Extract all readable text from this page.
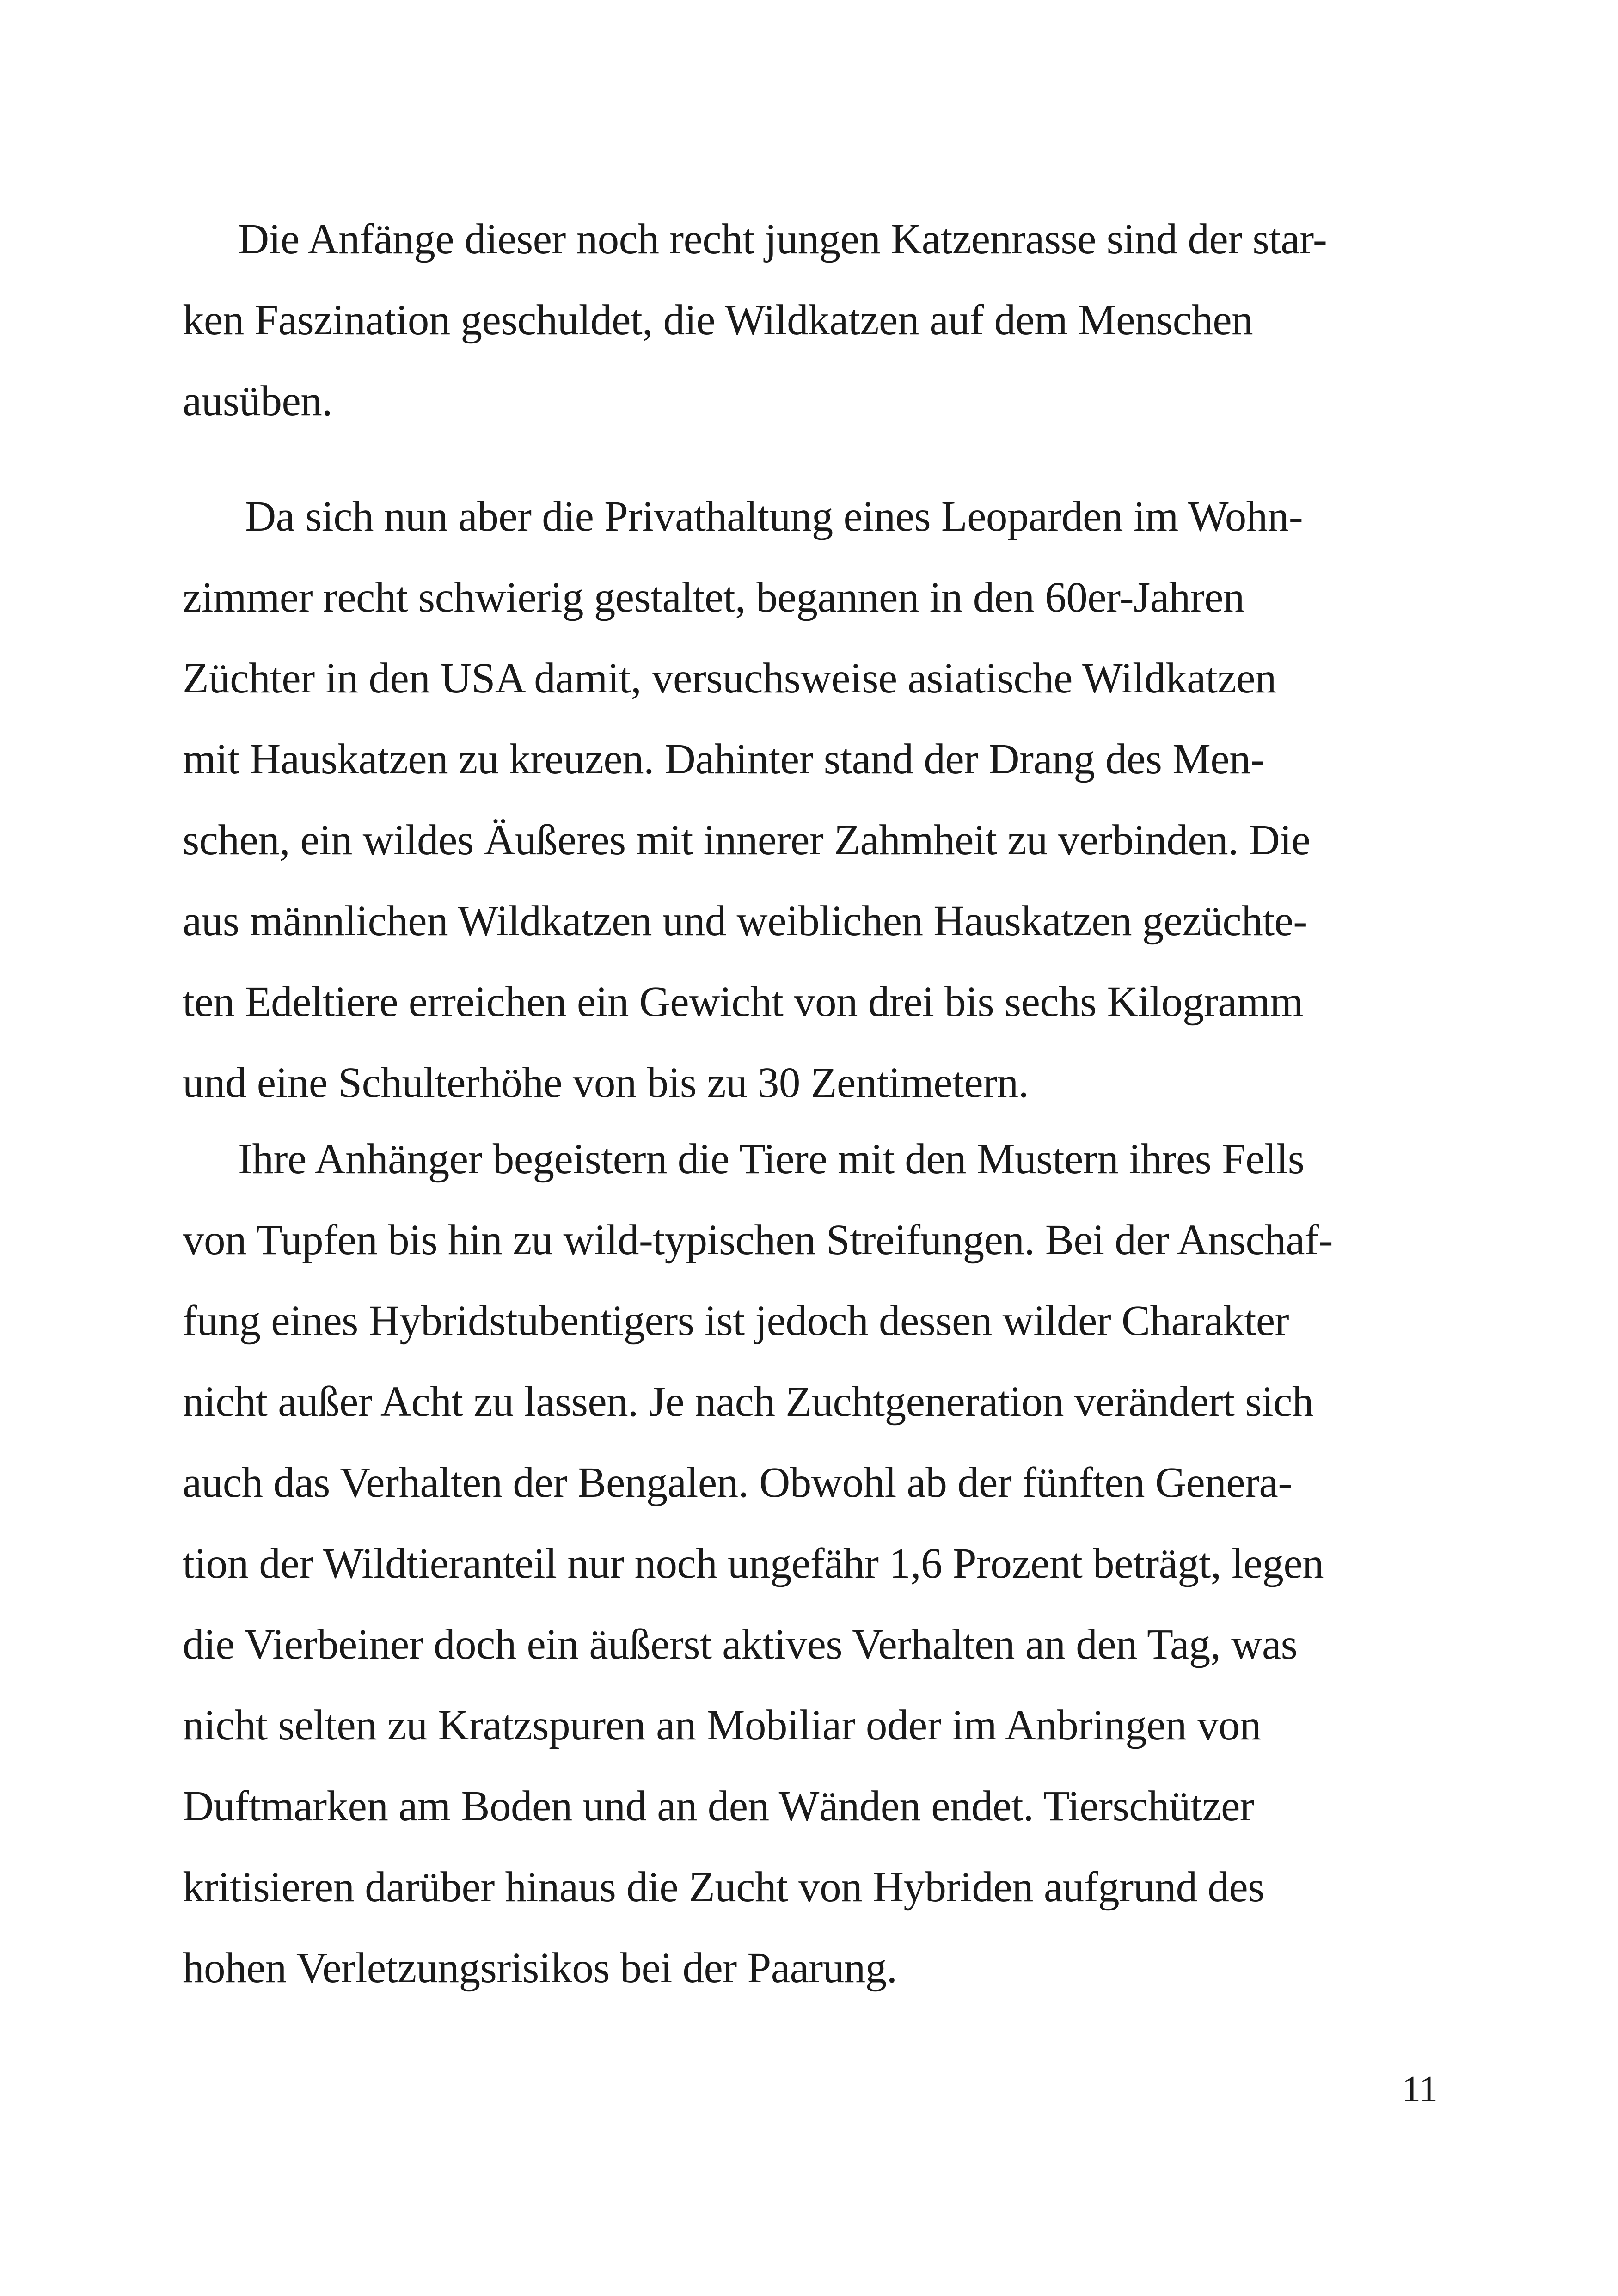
Die Anfänge dieser noch recht jungen Katzenrasse sind der star-
ken Faszination geschuldet, die Wildkatzen auf dem Menschen
ausüben.
Da sich nun aber die Privathaltung eines Leoparden im Wohn-
zimmer recht schwierig gestaltet, begannen in den 60er-Jahren
Züchter in den USA damit, versuchsweise asiatische Wildkatzen
mit Hauskatzen zu kreuzen. Dahinter stand der Drang des Men-
schen, ein wildes Äußeres mit innerer Zahmheit zu verbinden. Die
aus männlichen Wildkatzen und weiblichen Hauskatzen gezüchte-
ten Edeltiere erreichen ein Gewicht von drei bis sechs Kilogramm
und eine Schulterhöhe von bis zu 30 Zentimetern.
Ihre Anhänger begeistern die Tiere mit den Mustern ihres Fells
von Tupfen bis hin zu wild-typischen Streifungen. Bei der Anschaf-
fung eines Hybridstubentigers ist jedoch dessen wilder Charakter
nicht außer Acht zu lassen. Je nach Zuchtgeneration verändert sich
auch das Verhalten der Bengalen. Obwohl ab der fünften Genera-
tion der Wildtieranteil nur noch ungefähr 1,6 Prozent beträgt, legen
die Vierbeiner doch ein äußerst aktives Verhalten an den Tag, was
nicht selten zu Kratzspuren an Mobiliar oder im Anbringen von
Duftmarken am Boden und an den Wänden endet. Tierschützer
kritisieren darüber hinaus die Zucht von Hybriden aufgrund des
hohen Verletzungsrisikos bei der Paarung.
11
